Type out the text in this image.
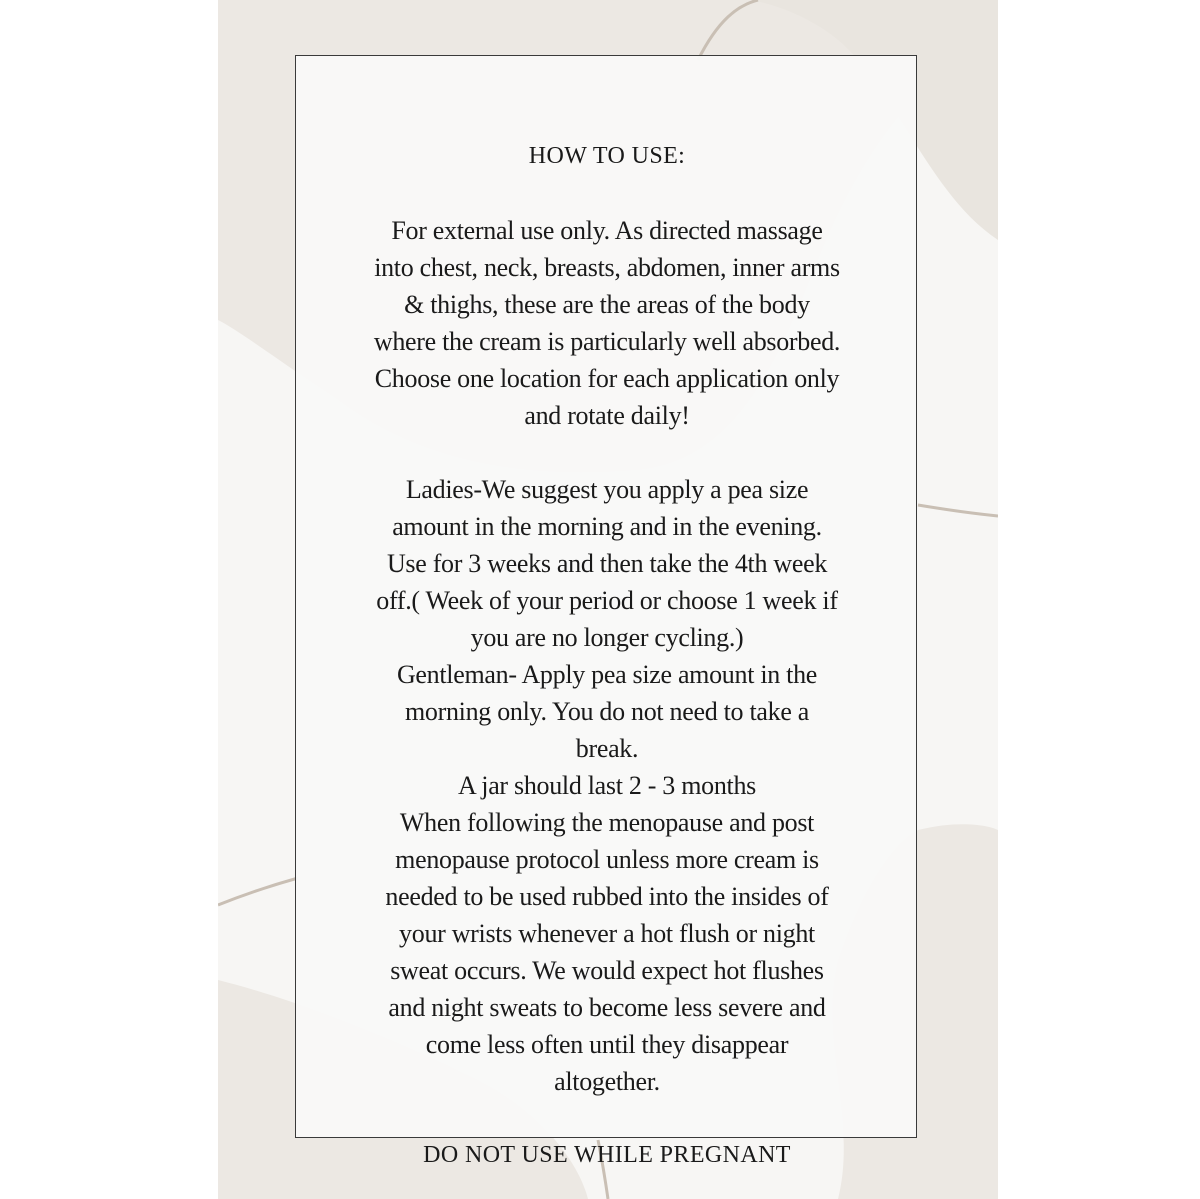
HOW TO USE:
For external use only. As directed massage
into chest, neck, breasts, abdomen, inner arms
& thighs, these are the areas of the body
where the cream is particularly well absorbed.
Choose one location for each application only
and rotate daily!
Ladies-We suggest you apply a pea size
amount in the morning and in the evening.
Use for 3 weeks and then take the 4th week
off.( Week of your period or choose 1 week if
you are no longer cycling.)
Gentleman- Apply pea size amount in the
morning only. You do not need to take a
break.
A jar should last 2 - 3 months
When following the menopause and post
menopause protocol unless more cream is
needed to be used rubbed into the insides of
your wrists whenever a hot flush or night
sweat occurs. We would expect hot flushes
and night sweats to become less severe and
come less often until they disappear
altogether.
DO NOT USE WHILE PREGNANT
